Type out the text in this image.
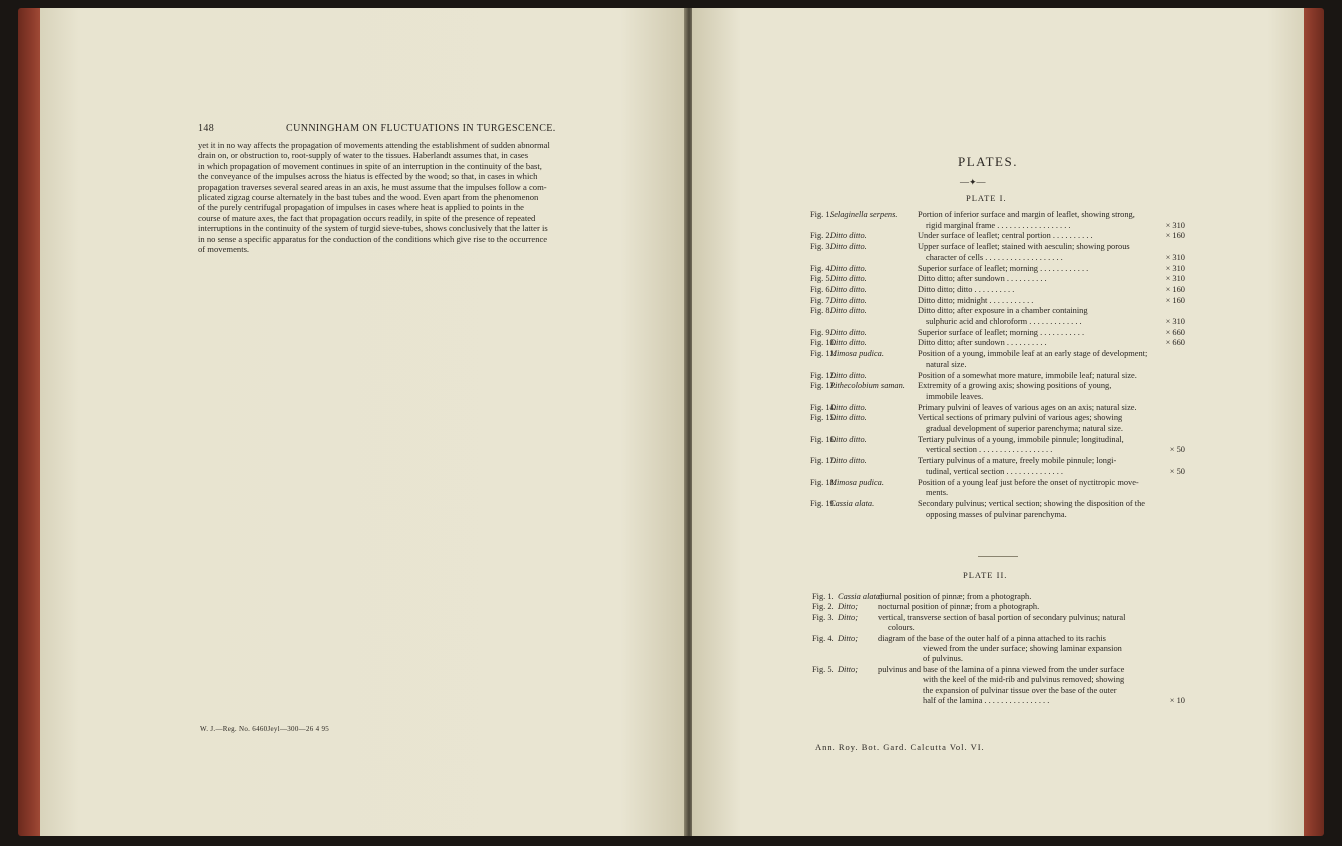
148	CUNNINGHAM ON FLUCTUATIONS IN TURGESCENCE.

yet it in no way affects the propagation of movements attending the establishment of sudden abnormal

drain on, or obstruction to, root-supply of water to the tissues. Haberlandt assumes that, in cases

in which propagation of movement continues in spite of an interruption in the continuity of the bast,

the conveyance of the impulses across the hiatus is effected by the wood; so that, in cases in which

propagation traverses several seared areas in an axis, he must assume that the impulses follow a com-

plicated zigzag course alternately in the bast tubes and the wood. Even apart from the phenomenon

of the purely centrifugal propagation of impulses in cases where heat is applied to points in the

course of mature axes, the fact that propagation occurs readily, in spite of the presence of repeated

interruptions in the continuity of the system of turgid sieve-tubes, shows conclusively that the latter is

in no sense a specific apparatus for the conduction of the conditions which give rise to the occurrence

of movements.

W. J.—Reg. No. 6460Jeyl—300—26 4 95
PLATES.
—✦—
PLATE I.
Fig. 1.
Selaginella serpens. Portion of inferior surface and margin of leaflet, showing strong,
rigid marginal frame . . . . . . . . . . . . . . . . . .	× 310
Fig. 2.
Ditto ditto.	Under surface of leaflet; central portion . . . . . . . . . .	× 160
Fig. 3.
Ditto ditto.	Upper surface of leaflet; stained with aesculin; showing porous
character of cells . . . . . . . . . . . . . . . . . . .	× 310
Fig. 4.
Ditto ditto.	Superior surface of leaflet; morning . . . . . . . . . . . .	× 310
Fig. 5.
Ditto ditto.	Ditto ditto; after sundown . . . . . . . . . .	× 310
Fig. 6.
Ditto ditto.	Ditto ditto; ditto . . . . . . . . . .	× 160
Fig. 7.
Ditto ditto.	Ditto ditto; midnight . . . . . . . . . . .	× 160
Fig. 8.
Ditto ditto.	Ditto ditto; after exposure in a chamber containing
sulphuric acid and chloroform . . . . . . . . . . . . .	× 310
Fig. 9.
Ditto ditto.	Superior surface of leaflet; morning . . . . . . . . . . .	× 660
Fig. 10.
Ditto ditto.	Ditto ditto; after sundown . . . . . . . . . .	× 660
Fig. 11.
Mimosa pudica.	Position of a young, immobile leaf at an early stage of development;
natural size.
Fig. 12.
Ditto ditto.	Position of a somewhat more mature, immobile leaf; natural size.
Fig. 13.
Pithecolobium saman. Extremity of a growing axis; showing positions of young,
immobile leaves.
Fig. 14.
Ditto ditto.	Primary pulvini of leaves of various ages on an axis; natural size.
Fig. 15.
Ditto ditto.	Vertical sections of primary pulvini of various ages; showing
gradual development of superior parenchyma; natural size.
Fig. 16.
Ditto ditto.	Tertiary pulvinus of a young, immobile pinnule; longitudinal,
vertical section . . . . . . . . . . . . . . . . . .	× 50
Fig. 17.
Ditto ditto.	Tertiary pulvinus of a mature, freely mobile pinnule; longi-
tudinal, vertical section . . . . . . . . . . . . . .	× 50
Fig. 18.
Mimosa pudica.	Position of a young leaf just before the onset of nyctitropic move-
ments.
Fig. 19.
Cassia alata.	Secondary pulvinus; vertical section; showing the disposition of the
opposing masses of pulvinar parenchyma.
PLATE II.
Fig. 1. Cassia alata;
diurnal position of pinnæ; from a photograph.
Fig. 2. Ditto; nocturnal position of pinnæ; from a photograph.
Fig. 3. Ditto; vertical, transverse section of basal portion of secondary pulvinus; natural
colours.
Fig. 4. Ditto; diagram of the base of the outer half of a pinna attached to its rachis
viewed from the under surface; showing laminar expansion
of pulvinus.
Fig. 5. Ditto; pulvinus and base of the lamina of a pinna viewed from the under surface
with the keel of the mid-rib and pulvinus removed; showing
the expansion of pulvinar tissue over the base of the outer
half of the lamina . . . . . . . . . . . . . . . .	× 10
Ann. Roy. Bot. Gard. Calcutta Vol. VI.
